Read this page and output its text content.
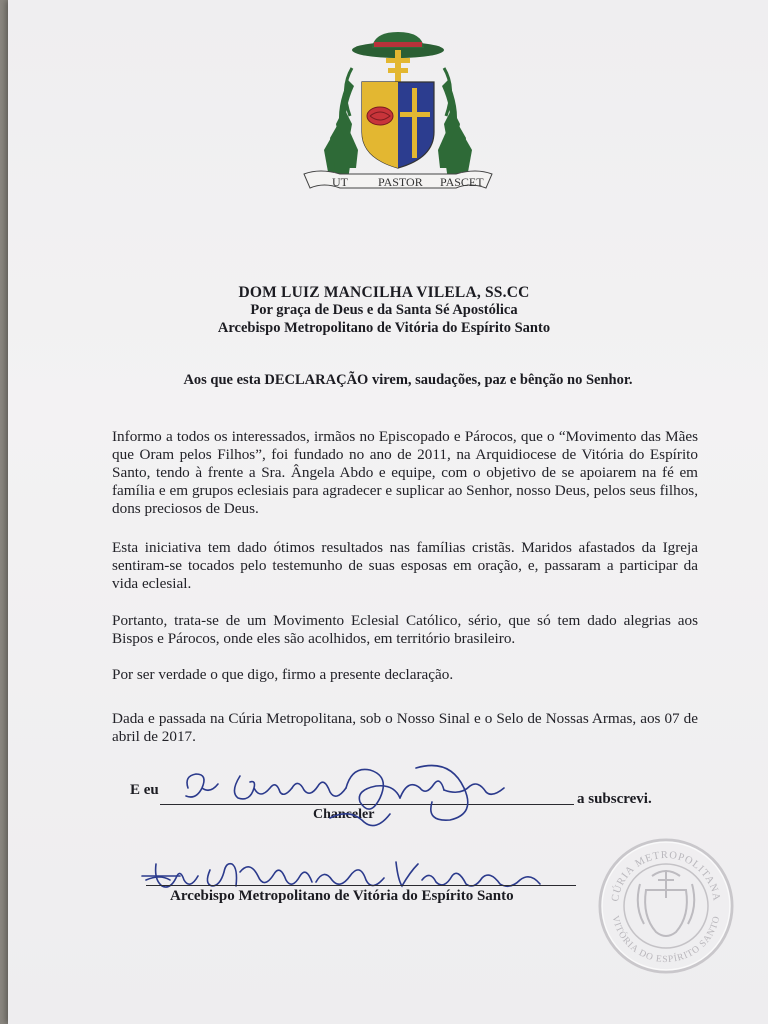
UT	PASTOR PASCET
DOM LUIZ MANCILHA VILELA, SS.CC
Por graça de Deus e da Santa Sé Apostólica
Arcebispo Metropolitano de Vitória do Espírito Santo
Aos que esta DECLARAÇÃO virem, saudações, paz e bênção no Senhor.
Informo a todos os interessados, irmãos no Episcopado e Párocos, que o “Movimento das Mães que Oram pelos Filhos”, foi fundado no ano de 2011, na Arquidiocese de Vitória do Espírito Santo, tendo à frente a Sra. Ângela Abdo e equipe, com o objetivo de se apoiarem na fé em família e em grupos eclesiais para agradecer e suplicar ao Senhor, nosso Deus, pelos seus filhos, dons preciosos de Deus.
Esta iniciativa tem dado ótimos resultados nas famílias cristãs. Maridos afastados da Igreja sentiram-se tocados pelo testemunho de suas esposas em oração, e, passaram a participar da vida eclesial.
Portanto, trata-se de um Movimento Eclesial Católico, sério, que só tem dado alegrias aos Bispos e Párocos, onde eles são acolhidos, em território brasileiro.
Por ser verdade o que digo, firmo a presente declaração.
Dada e passada na Cúria Metropolitana, sob o Nosso Sinal e o Selo de Nossas Armas, aos 07 de abril de 2017.
E eu
a subscrevi.
Chanceler
Arcebispo Metropolitano de Vitória do Espírito Santo	CÚRIA METROPOLITANA
VITÓRIA DO ESPÍRITO SANTO
